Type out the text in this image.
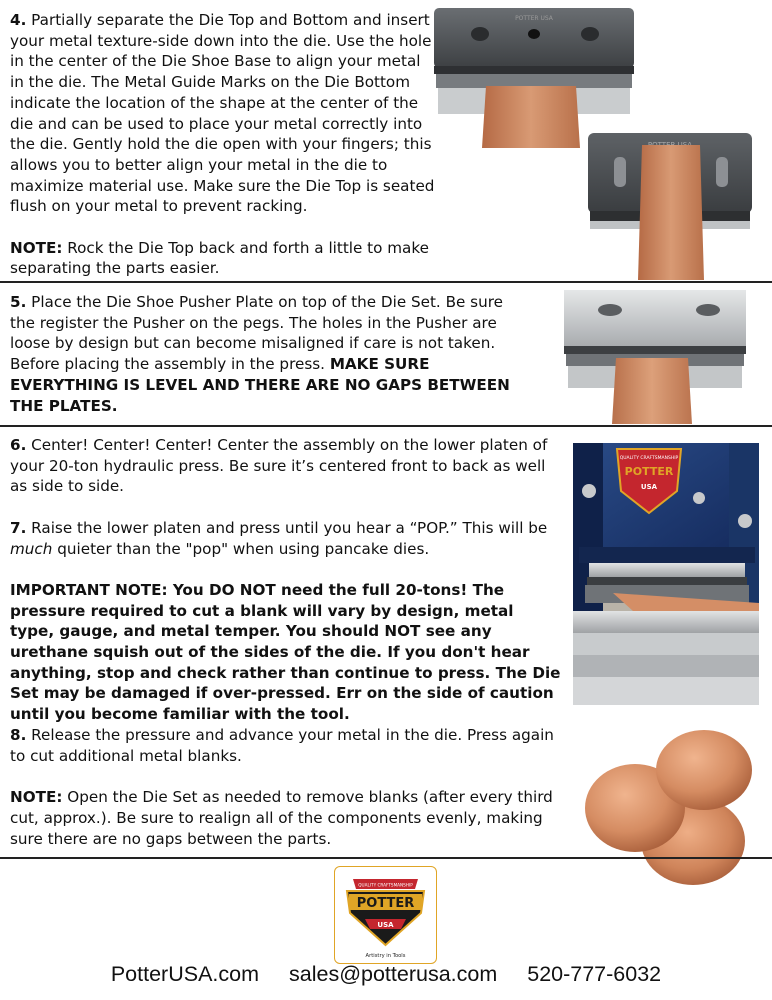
4. Partially separate the Die Top and Bottom and insert your metal texture-side down into the die. Use the hole in the center of the Die Shoe Base to align your metal in the die. The Metal Guide Marks on the Die Bottom indicate the location of the shape at the center of the die and can be used to place your metal correctly into the die. Gently hold the die open with your fingers; this allows you to better align your metal in the die to maximize material use. Make sure the Die Top is seated flush on your metal to prevent racking.

NOTE: Rock the Die Top back and forth a little to make separating the parts easier.

POTTER USA

5. Place the Die Shoe Pusher Plate on top of the Die Set. Be sure the register the Pusher on the pegs. The holes in the Pusher are loose by design but can become misaligned if care is not taken. Before placing the assembly in the press. MAKE SURE EVERYTHING IS LEVEL AND THERE ARE NO GAPS BETWEEN THE PLATES.

6. Center! Center! Center! Center the assembly on the lower platen of your 20-ton hydraulic press. Be sure it’s centered front to back as well as side to side.

7. Raise the lower platen and press until you hear a “POP.” This will be much quieter than the "pop" when using pancake dies.

IMPORTANT NOTE: You DO NOT need the full 20-tons! The pressure required to cut a blank will vary by design, metal type, gauge, and metal temper. You should NOT see any urethane squish out of the sides of the die. If you don't hear anything, stop and check rather than continue to press. The Die Set may be damaged if over-pressed. Err on the side of caution until you become familiar with the tool.

QUALITY CRAFTSMANSHIP
POTTER
USA

8. Release the pressure and advance your metal in the die. Press again to cut additional metal blanks.

NOTE: Open the Die Set as needed to remove blanks (after every third cut, approx.). Be sure to realign all of the components evenly, making sure there are no gaps between the parts.

QUALITY CRAFTSMANSHIP
POTTER
USA
Artistry in Tools
PotterUSA.com sales@potterusa.com 520-777-6032
